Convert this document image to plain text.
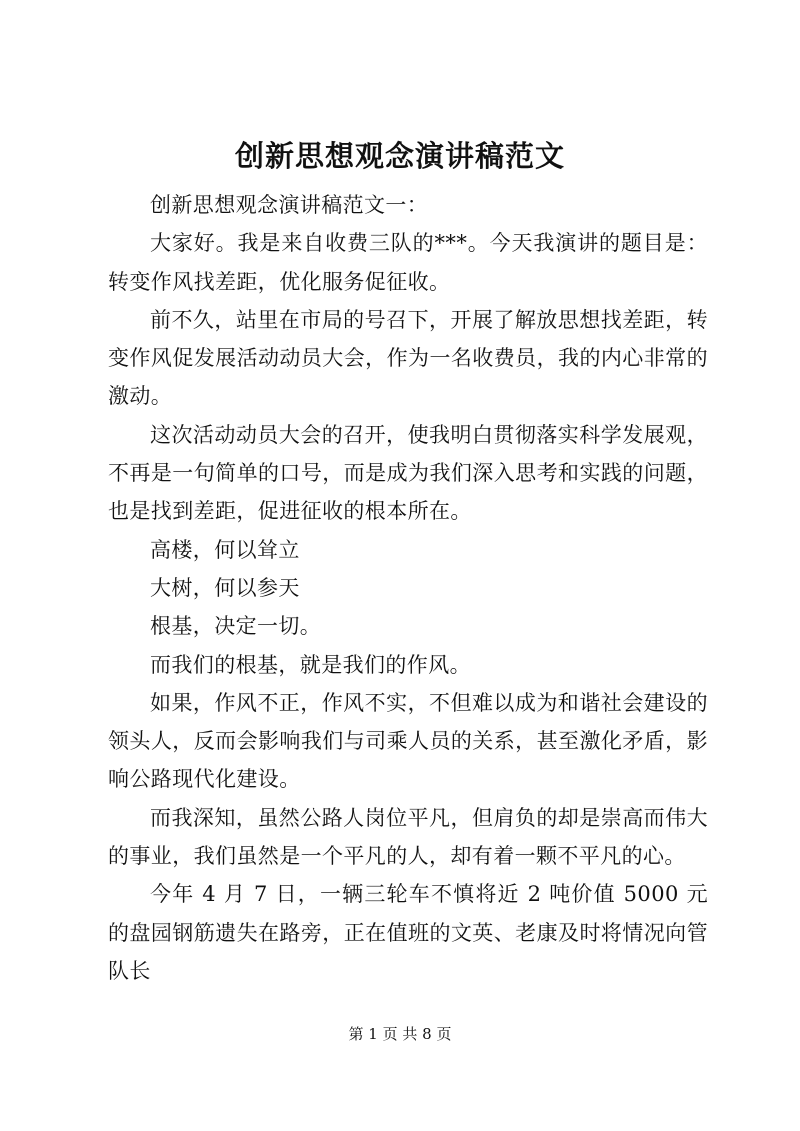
创新思想观念演讲稿范文

创新思想观念演讲稿范文一：

大家好。我是来自收费三队的***。今天我演讲的题目是：转变作风找差距，优化服务促征收。

前不久，站里在市局的号召下，开展了解放思想找差距，转变作风促发展活动动员大会，作为一名收费员，我的内心非常的激动。

这次活动动员大会的召开，使我明白贯彻落实科学发展观，不再是一句简单的口号，而是成为我们深入思考和实践的问题，也是找到差距，促进征收的根本所在。

高楼，何以耸立

大树，何以参天

根基，决定一切。

而我们的根基，就是我们的作风。

如果，作风不正，作风不实，不但难以成为和谐社会建设的领头人，反而会影响我们与司乘人员的关系，甚至激化矛盾，影响公路现代化建设。

而我深知，虽然公路人岗位平凡，但肩负的却是崇高而伟大的事业，我们虽然是一个平凡的人，却有着一颗不平凡的心。

今年 4 月 7 日，一辆三轮车不慎将近 2 吨价值 5000 元的盘园钢筋遗失在路旁，正在值班的文英、老康及时将情况向管队长

第 1 页 共 8 页
